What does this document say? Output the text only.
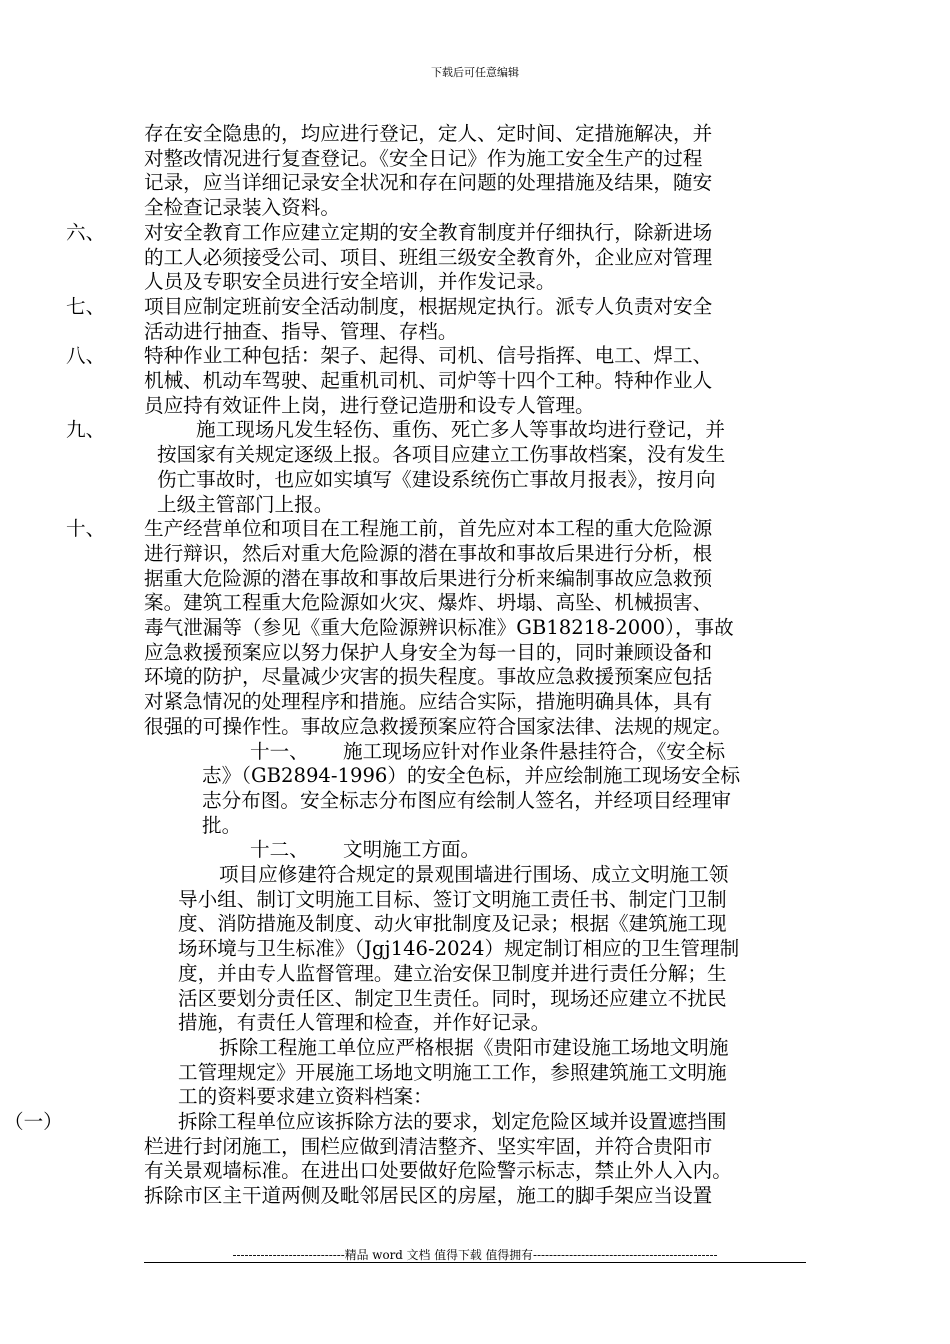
下载后可任意编辑
存在安全隐患的，均应进行登记，定人、定时间、定措施解决，并
对整改情况进行复查登记。《安全日记》作为施工安全生产的过程
记录，应当详细记录安全状况和存在问题的处理措施及结果，随安
全检查记录装入资料。
六、 对安全教育工作应建立定期的安全教育制度并仔细执行，除新进场
的工人必须接受公司、项目、班组三级安全教育外，企业应对管理
人员及专职安全员进行安全培训，并作发记录。
七、 项目应制定班前安全活动制度，根据规定执行。派专人负责对安全
活动进行抽查、指导、管理、存档。
八、 特种作业工种包括：架子、起得、司机、信号指挥、电工、焊工、
机械、机动车驾驶、起重机司机、司炉等十四个工种。特种作业人
员应持有效证件上岗，进行登记造册和设专人管理。
九、	施工现场凡发生轻伤、重伤、死亡多人等事故均进行登记，并
按国家有关规定逐级上报。各项目应建立工伤事故档案，没有发生
伤亡事故时，也应如实填写《建设系统伤亡事故月报表》，按月向
上级主管部门上报。
十、 生产经营单位和项目在工程施工前，首先应对本工程的重大危险源
进行辩识，然后对重大危险源的潜在事故和事故后果进行分析，根
据重大危险源的潜在事故和事故后果进行分析来编制事故应急救预
案。建筑工程重大危险源如火灾、爆炸、坍塌、高坠、机械损害、
毒气泄漏等（参见《重大危险源辨识标准》GB18218-2000），事故
应急救援预案应以努力保护人身安全为每一目的，同时兼顾设备和
环境的防护，尽量减少灾害的损失程度。事故应急救援预案应包括
对紧急情况的处理程序和措施。应结合实际，措施明确具体，具有
很强的可操作性。事故应急救援预案应符合国家法律、法规的规定。
十一、 施工现场应针对作业条件悬挂符合，《安全标
志》（GB2894-1996）的安全色标，并应绘制施工现场安全标
志分布图。安全标志分布图应有绘制人签名，并经项目经理审
批。
十二、 文明施工方面。
项目应修建符合规定的景观围墙进行围场、成立文明施工领
导小组、制订文明施工目标、签订文明施工责任书、制定门卫制
度、消防措施及制度、动火审批制度及记录；根据《建筑施工现
场环境与卫生标准》（Jgj146-2024）规定制订相应的卫生管理制
度，并由专人监督管理。建立治安保卫制度并进行责任分解；生
活区要划分责任区、制定卫生责任。同时，现场还应建立不扰民
措施，有责任人管理和检查，并作好记录。
拆除工程施工单位应严格根据《贵阳市建设施工场地文明施
工管理规定》开展施工场地文明施工工作，参照建筑施工文明施
工的资料要求建立资料档案：
（一）	拆除工程单位应该拆除方法的要求，划定危险区域并设置遮挡围
栏进行封闭施工，围栏应做到清洁整齐、坚实牢固，并符合贵阳市
有关景观墙标准。在进出口处要做好危险警示标志，禁止外人入内。
拆除市区主干道两侧及毗邻居民区的房屋，施工的脚手架应当设置
----------------------------精品 word 文档 值得下载 值得拥有----------------------------------------------
